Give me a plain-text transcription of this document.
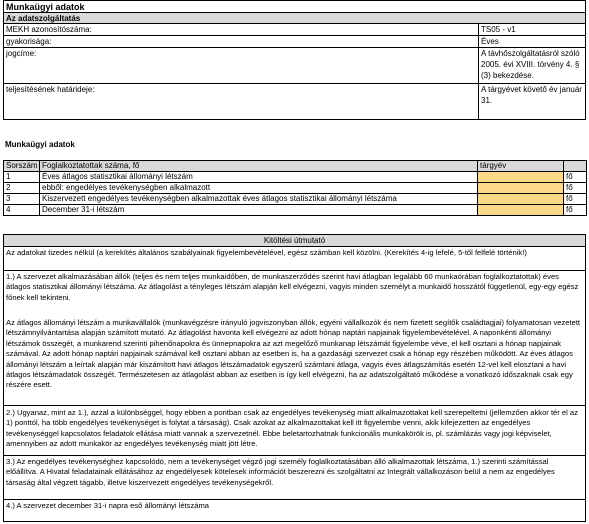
Munkaügyi adatok
Az adatszolgáltatás
MEKH azonosítószáma:	TS05 - v1
gyakorisága:	Éves
jogcíme:	A távhőszolgáltatásról szóló 2005. évi XVIII. törvény 4. § (3) bekezdése.
teljesítésének határideje:	A tárgyévet követő év január 31.
Munkaügyi adatok
Sorszám	Foglalkoztatottak száma, fő	tárgyév	
1	Éves átlagos statisztikai állományi létszám		fő
2	ebből: engedélyes tevékenységben alkalmazott		fő
3	Kiszervezett engedélyes tevékenységben alkalmazottak éves átlagos statisztikai állományi létszáma		fő
4	December 31-i létszám		fő
Kitöltési útmutató
Az adatokat tizedes nélkül (a kerekítés általános szabályainak figyelembevételével, egész számban kell közölni. (Kerekítés 4-ig lefelé, 5-től felfelé történik!)
1.) A szervezet alkalmazásában állók (teljes és nem teljes munkaidőben, de munkaszerződés szerint havi átlagban legalább 60 munkaórában foglalkoztatottak) éves átlagos statisztikai állományi létszáma. Az átlagolást a tényleges létszám alapján kell elvégezni, vagyis minden személyt a munkaidő hosszától függetlenül, egy-egy egész főnek kell tekinteni.
Az átlagos állományi létszám a munkavállalók (munkavégzésre irányuló jogviszonyban állók, egyéni vállalkozók és nem fizetett segítők családtagjai) folyamatosan vezetett létszámnyilvántartása alapján számított mutató. Az átlagolást havonta kell elvégezni az adott hónap naptári napjainak figyelembevételével. A naponkénti állományi létszámok összegét, a munkarend szerinti pihenőnapokra és ünnepnapokra az azt megelőző munkanap létszámát figyelembe véve, el kell osztani a hónap napjainak számával. Az adott hónap naptári napjainak számával kell osztani abban az esetben is, ha a gazdasági szervezet csak a hónap egy részében működött. Az éves átlagos állományi létszám a leírtak alapján már kiszámított havi átlagos létszámadatok egyszerű számtani átlaga, vagyis éves átlagszámítás esetén 12-vel kell elosztani a havi átlagos létszámadatok összegét. Természetesen az átlagolást abban az esetben is így kell elvégezni, ha az adatszolgáltató működése a vonatkozó időszaknak csak egy részére esett.
2.) Ugyanaz, mint az 1.), azzal a különbséggel, hogy ebben a pontban csak az engedélyes tevékenység miatt alkalmazottakat kell szerepeltetni (jellemzően akkor tér el az 1) ponttól, ha több engedélyes tevékenységet is folytat a társaság). Csak azokat az alkalmazottakat kell itt figyelembe venni, akik kifejezetten az engedélyes tevékenységgel kapcsolatos feladatok ellátása miatt vannak a szervezetnél. Ebbe beletartozhatnak funkcionális munkakörök is, pl. számlázás vagy jogi képviselet, amennyiben az adott munkakör az engedélyes tevékenység miatt jött létre.
3.) Az engedélyes tevékenységhez kapcsolódó, nem a tevékenységet végző jogi személy foglalkoztatásában álló alkalmazottak létszáma, 1.) szerinti számítással előállítva. A Hivatal feladatainak ellátásához az engedélyesek kötelesek információt beszerezni és szolgáltatni az Integrált vállalkozáson belül a nem az engedélyes társaság által végzett tágabb, illetve kiszervezett engedélyes tevékenységekről.
4.) A szervezet december 31-i napra eső állományi létszáma
